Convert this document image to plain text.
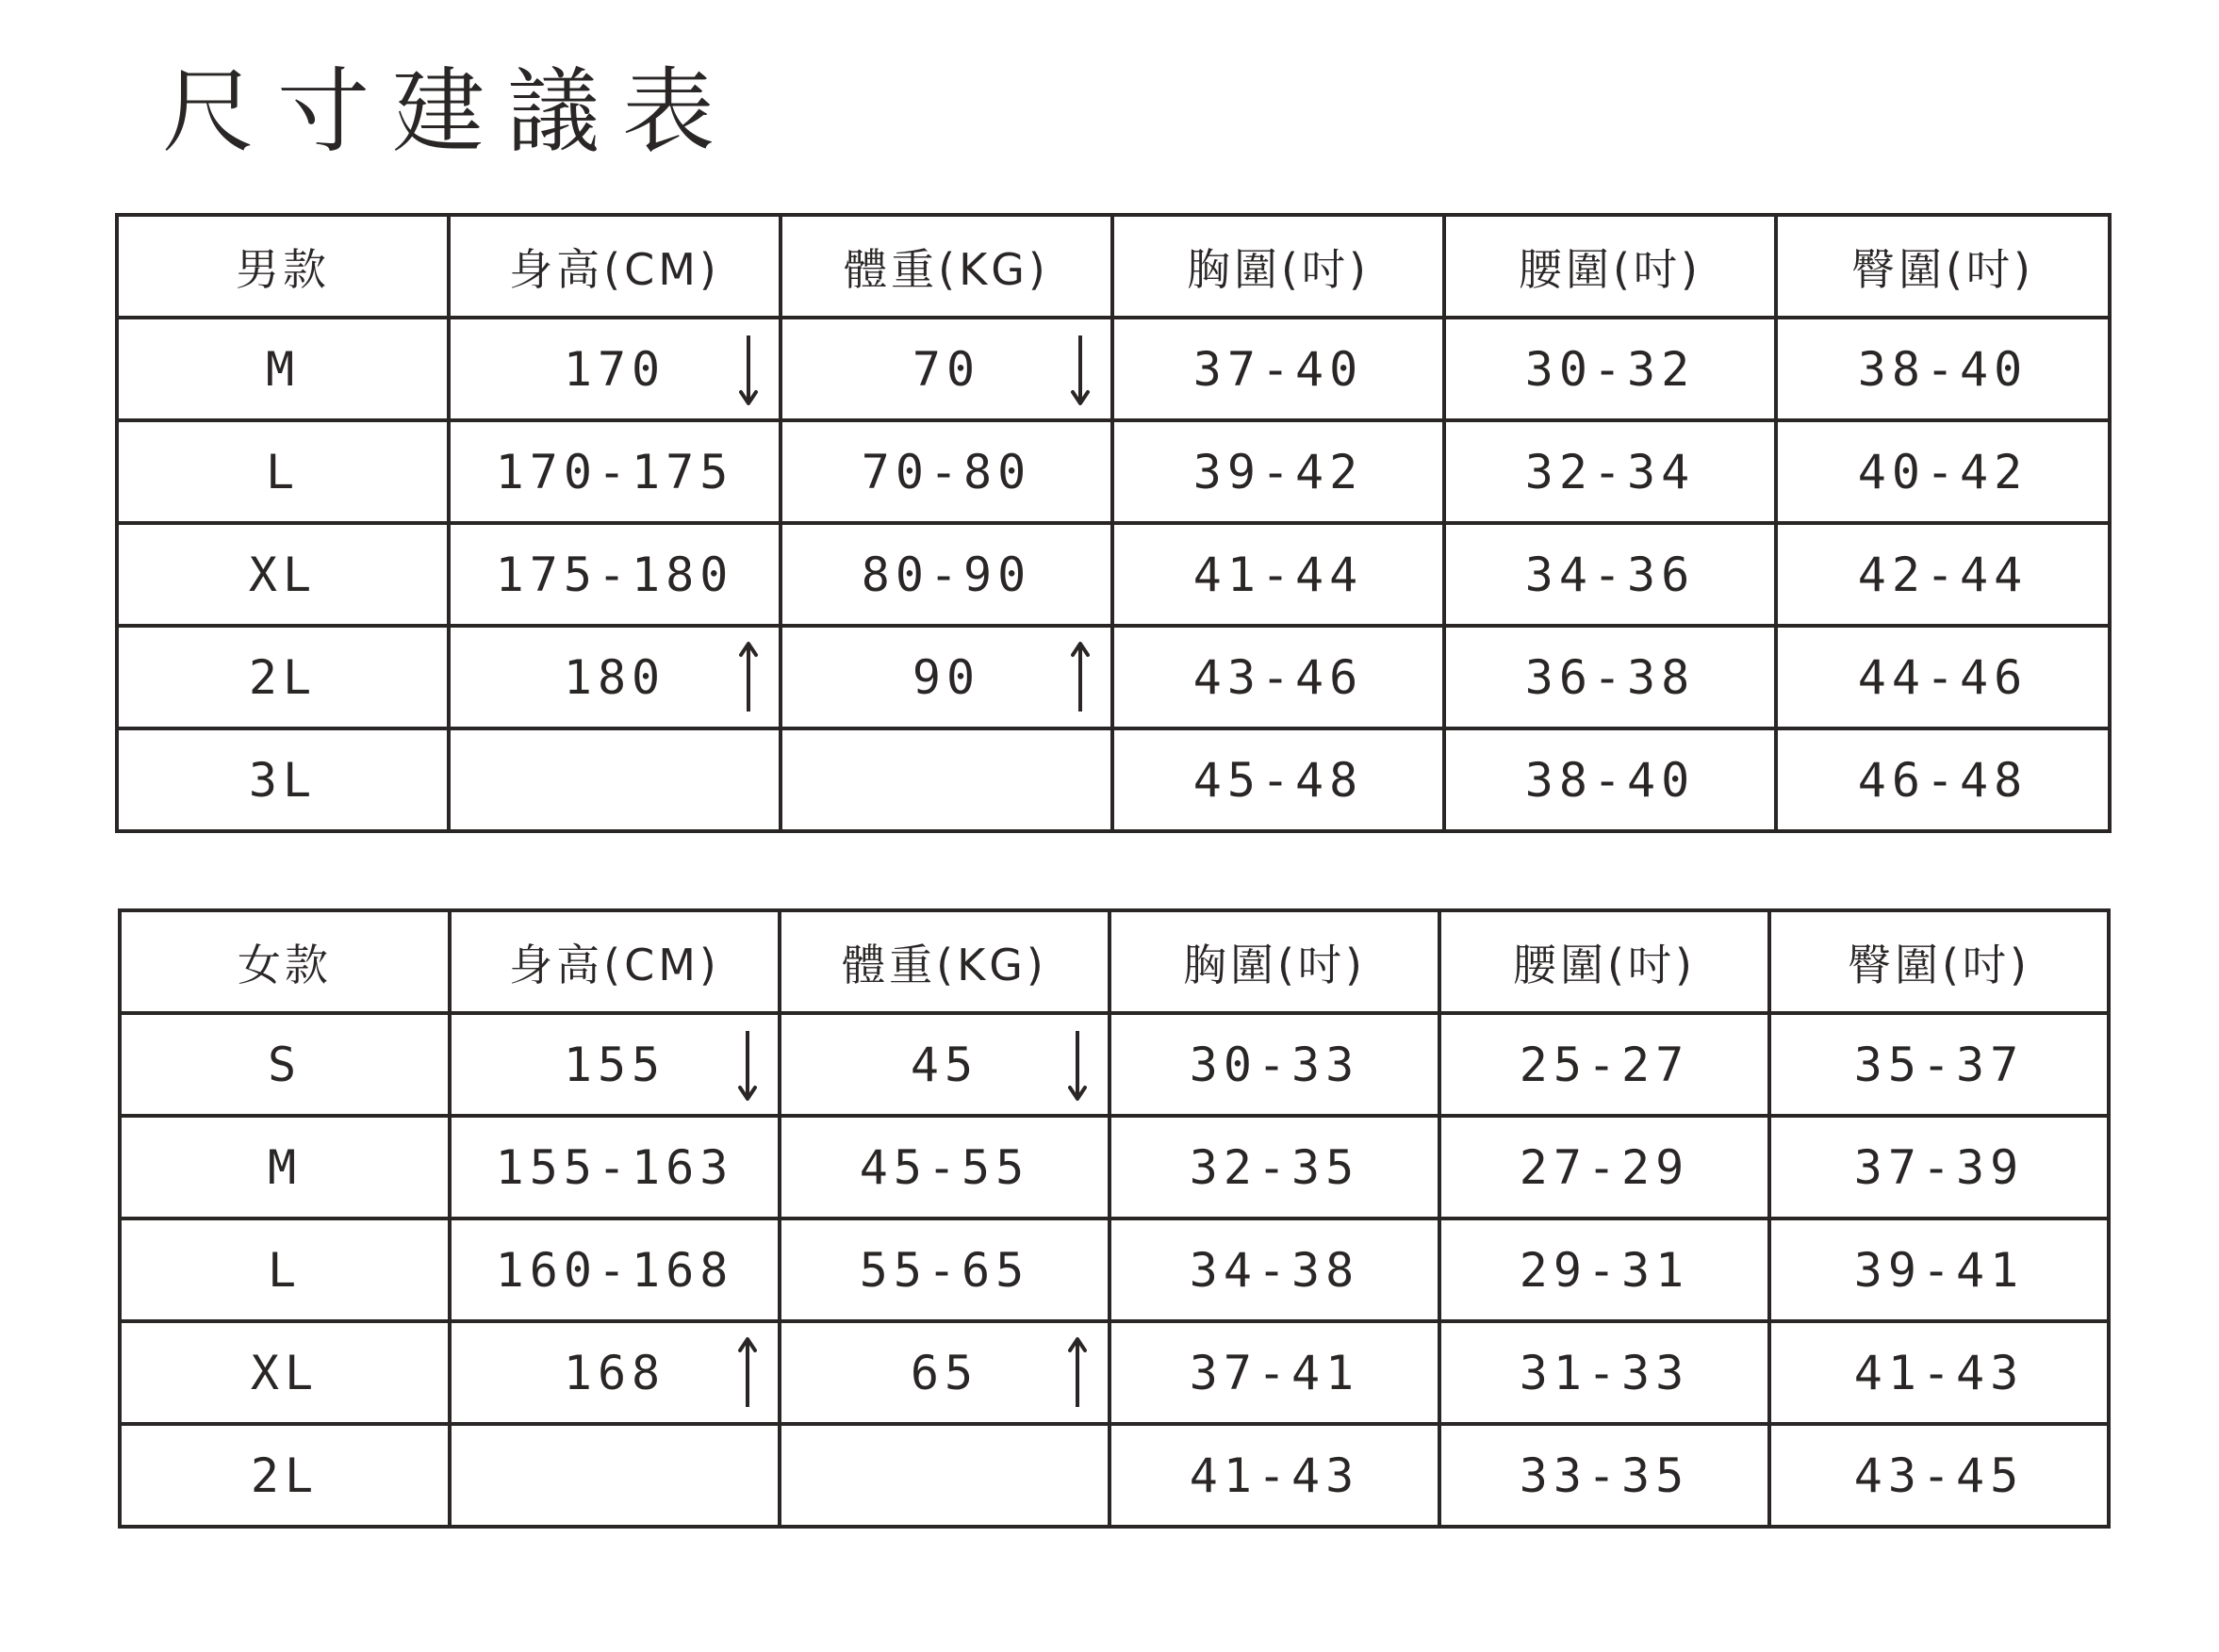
尺寸建議表
男款	身高(CM)	體重(KG)	胸圍(吋)	腰圍(吋)	臀圍(吋)
M	170	70	37-40	30-32	38-40
L	170-175	70-80	39-42	32-34	40-42
XL	175-180	80-90	41-44	34-36	42-44
2L	180	90	43-46	36-38	44-46
3L			45-48	38-40	46-48
女款	身高(CM)	體重(KG)	胸圍(吋)	腰圍(吋)	臀圍(吋)
S	155	45	30-33	25-27	35-37
M	155-163	45-55	32-35	27-29	37-39
L	160-168	55-65	34-38	29-31	39-41
XL	168	65	37-41	31-33	41-43
2L			41-43	33-35	43-45
